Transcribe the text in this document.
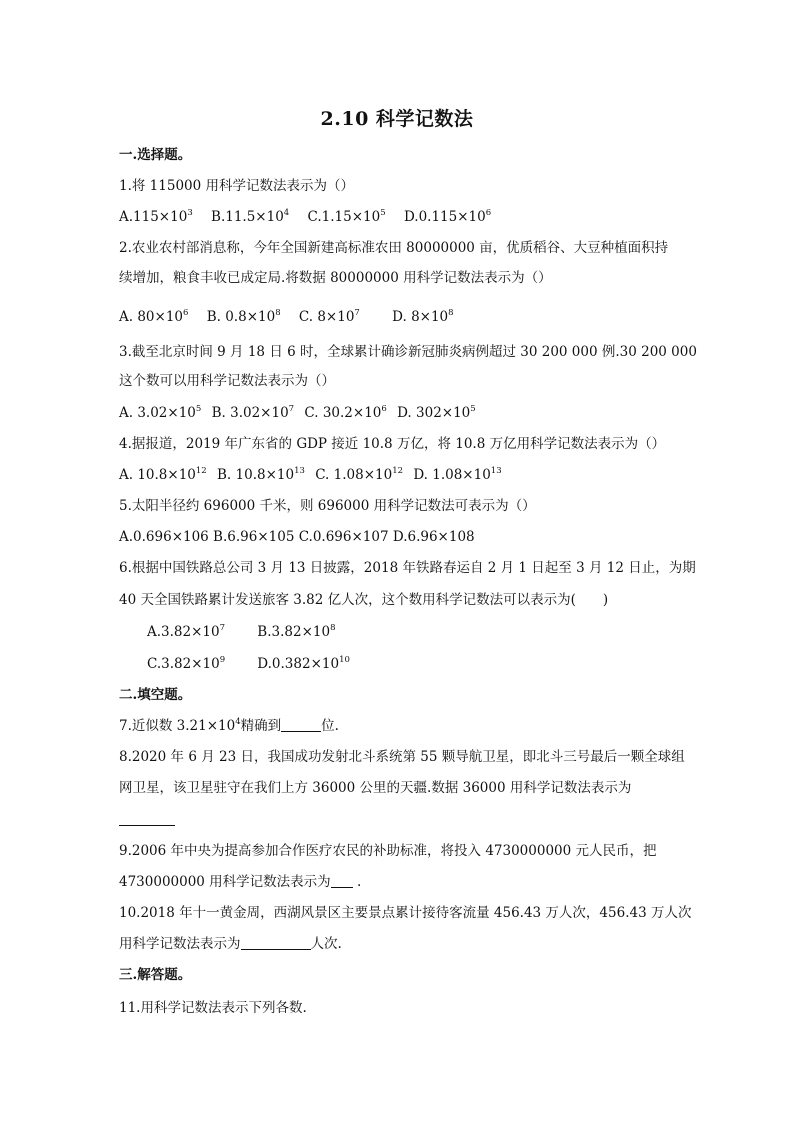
2.10 科学记数法
一.选择题。
1.将 115000 用科学记数法表示为（）
$A.115\times 10^3$ $B.11.5\times 10^4$ $C.1.15\times 10^5$ $D.0.115\times 10^6$
2.农业农村部消息称，今年全国新建高标准农田 80000000 亩，优质稻谷、大豆种植面积持
续增加，粮食丰收已成定局.将数据 80000000 用科学记数法表示为（）
A. $80\times 10^6$ B. $0.8\times 10^8$ C. $8\times 10^7$ D. $8\times 10^8$
3.截至北京时间 9 月 18 日 6 时，全球累计确诊新冠肺炎病例超过 30 200 000 例.30 200 000
这个数可以用科学记数法表示为（）
A. $3.02\times 10^5$ B. $3.02\times 10^7$ C. $30.2\times 10^6$ D. $302\times 10^5$
4.据报道，2019 年广东省的 GDP 接近 10.8 万亿，将 10.8 万亿用科学记数法表示为（）
A. $10.8\times 10^{12}$ B. $10.8\times 10^{13}$ C. $1.08\times 10^{12}$ D. $1.08\times 10^{13}$
5.太阳半径约 696000 千米，则 696000 用科学记数法可表示为（）
A.0.696×106 B.6.96×105 C.0.696×107 D.6.96×108
6.根据中国铁路总公司 3 月 13 日披露，2018 年铁路春运自 2 月 1 日起至 3 月 12 日止，为期
40 天全国铁路累计发送旅客 3.82 亿人次，这个数用科学记数法可以表示为(　　)
$A.3.82\times 10^7$ $B.3.82\times 10^8$
$C.3.82\times 10^9$ $D.0.382\times 10^{10}$
二.填空题。
7.近似数 $3.21\times 10^4$精确到	位.
8.2020 年 6 月 23 日，我国成功发射北斗系统第 55 颗导航卫星，即北斗三号最后一颗全球组
网卫星，该卫星驻守在我们上方 36000 公里的天疆.数据 36000 用科学记数法表示为
9.2006 年中央为提高参加合作医疗农民的补助标准，将投入 4730000000 元人民币，把
4730000000 用科学记数法表示为 .
10.2018 年十一黄金周，西湖风景区主要景点累计接待客流量 456.43 万人次，456.43 万人次
用科学记数法表示为	人次.
三.解答题。
11.用科学记数法表示下列各数.
